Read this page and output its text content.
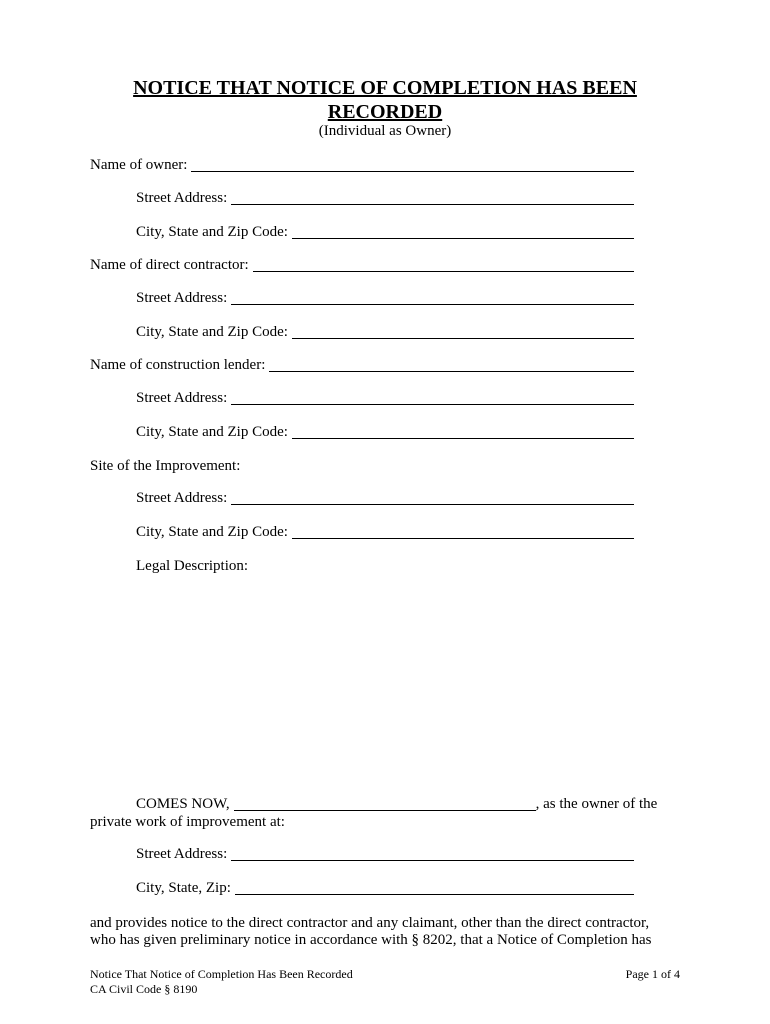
NOTICE THAT NOTICE OF COMPLETION HAS BEEN
RECORDED
(Individual as Owner)
Name of owner:
Street Address:
City, State and Zip Code:
Name of direct contractor:
Street Address:
City, State and Zip Code:
Name of construction lender:
Street Address:
City, State and Zip Code:
Site of the Improvement:
Street Address:
City, State and Zip Code:
Legal Description:
COMES NOW,	, as the owner of the
private work of improvement at:
Street Address:
City, State, Zip:
and provides notice to the direct contractor and any claimant, other than the direct contractor,
who has given preliminary notice in accordance with § 8202, that a Notice of Completion has
Notice That Notice of Completion Has Been Recorded
CA Civil Code § 8190
Page 1 of 4
